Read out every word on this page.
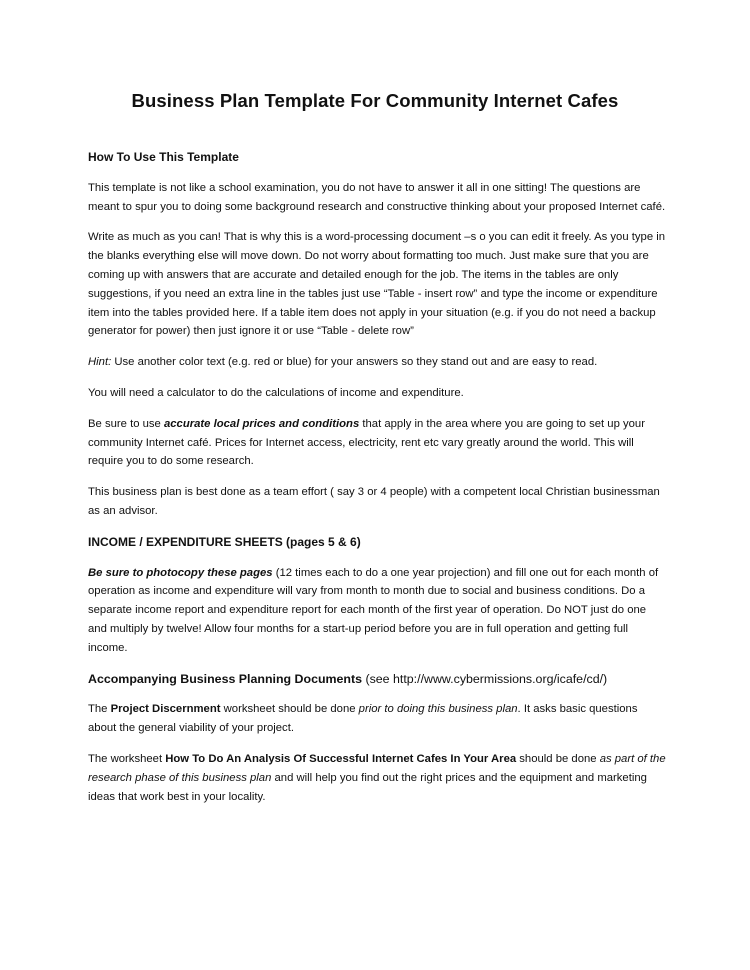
Business Plan Template For Community Internet Cafes

How To Use This Template

This template is not like a school examination, you do not have to answer it all in one sitting! The questions are meant to spur you to doing some background research and constructive thinking about your proposed Internet café.

Write as much as you can! That is why this is a word-processing document –s o you can edit it freely. As you type in the blanks everything else will move down. Do not worry about formatting too much. Just make sure that you are coming up with answers that are accurate and detailed enough for the job. The items in the tables are only suggestions, if you need an extra line in the tables just use “Table - insert row” and type the income or expenditure item into the tables provided here. If a table item does not apply in your situation (e.g. if you do not need a backup generator for power) then just ignore it or use “Table - delete row”

Hint: Use another color text (e.g. red or blue) for your answers so they stand out and are easy to read.

You will need a calculator to do the calculations of income and expenditure.

Be sure to use accurate local prices and conditions that apply in the area where you are going to set up your community Internet café. Prices for Internet access, electricity, rent etc vary greatly around the world. This will require you to do some research.

This business plan is best done as a team effort ( say 3 or 4 people) with a competent local Christian businessman as an advisor.

INCOME / EXPENDITURE SHEETS (pages 5 & 6)

Be sure to photocopy these pages (12 times each to do a one year projection) and fill one out for each month of operation as income and expenditure will vary from month to month due to social and business conditions. Do a separate income report and expenditure report for each month of the first year of operation. Do NOT just do one and multiply by twelve! Allow four months for a start-up period before you are in full operation and getting full income.

Accompanying Business Planning Documents (see http://www.cybermissions.org/icafe/cd/)

The Project Discernment worksheet should be done prior to doing this business plan. It asks basic questions about the general viability of your project.

The worksheet How To Do An Analysis Of Successful Internet Cafes In Your Area should be done as part of the research phase of this business plan and will help you find out the right prices and the equipment and marketing ideas that work best in your locality.
